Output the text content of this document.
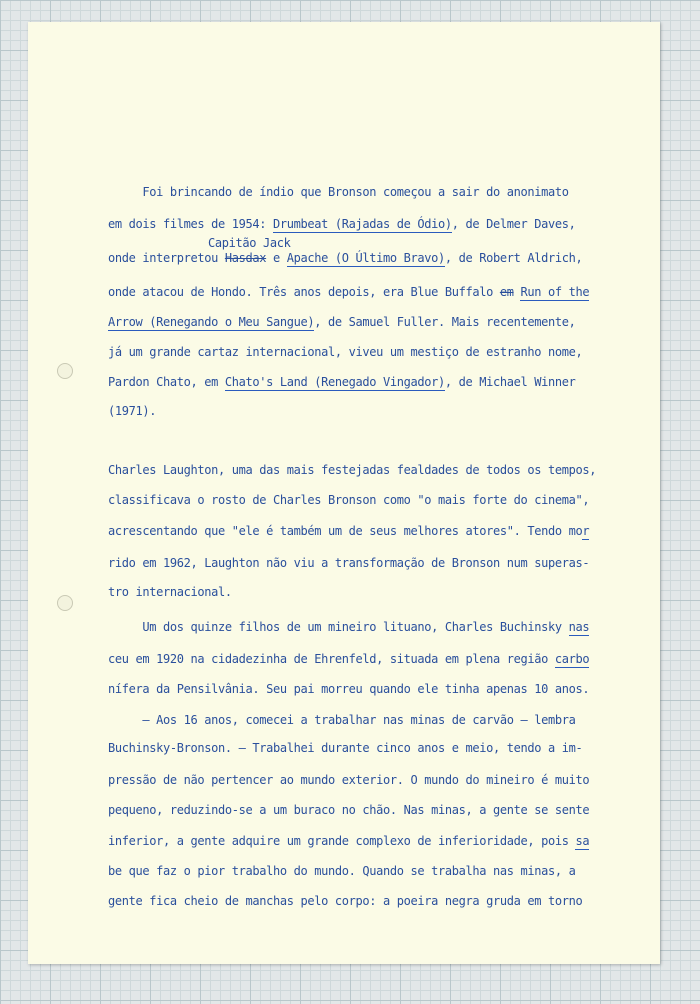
Foi brincando de índio que Bronson começou a sair do anonimato
em dois filmes de 1954: Drumbeat (Rajadas de Ódio), de Delmer Daves,
Capitão Jack
onde interpretou Hasdax e Apache (O Último Bravo), de Robert Aldrich,
onde atacou de Hondo. Três anos depois, era Blue Buffalo em Run of the
Arrow (Renegando o Meu Sangue), de Samuel Fuller. Mais recentemente,
já um grande cartaz internacional, viveu um mestiço de estranho nome,
Pardon Chato, em Chato's Land (Renegado Vingador), de Michael Winner
(1971).
Charles Laughton, uma das mais festejadas fealdades de todos os tempos,
classificava o rosto de Charles Bronson como "o mais forte do cinema",
acrescentando que "ele é também um de seus melhores atores". Tendo mor
rido em 1962, Laughton não viu a transformação de Bronson num superas-
tro internacional.
Um dos quinze filhos de um mineiro lituano, Charles Buchinsky nas
ceu em 1920 na cidadezinha de Ehrenfeld, situada em plena região carbo
nífera da Pensilvânia. Seu pai morreu quando ele tinha apenas 10 anos.
— Aos 16 anos, comecei a trabalhar nas minas de carvão — lembra
Buchinsky-Bronson. — Trabalhei durante cinco anos e meio, tendo a im-
pressão de não pertencer ao mundo exterior. O mundo do mineiro é muito
pequeno, reduzindo-se a um buraco no chão. Nas minas, a gente se sente
inferior, a gente adquire um grande complexo de inferioridade, pois sa
be que faz o pior trabalho do mundo. Quando se trabalha nas minas, a
gente fica cheio de manchas pelo corpo: a poeira negra gruda em torno
